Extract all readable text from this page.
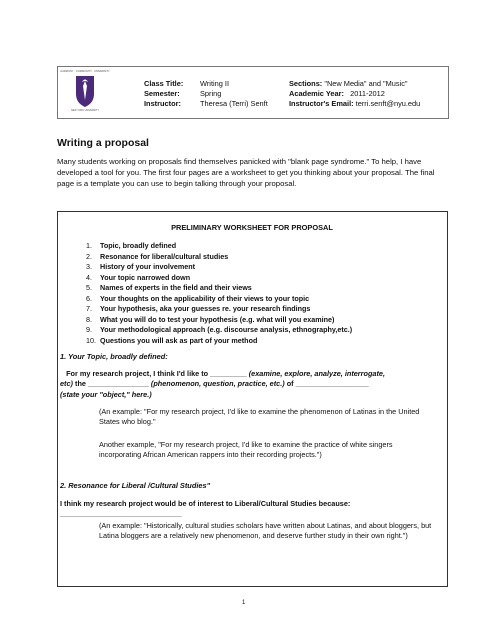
HARMONY · COMMUNITY · UNIVERSITY
NEW YORK UNIVERSITY
Class Title:
Semester:
Instructor:
Writing II
Spring
Theresa (Terri) Senft
Sections: "New Media" and "Music"
Academic Year: 2011-2012
Instructor's Email: terri.senft@nyu.edu
Writing a proposal
Many students working on proposals find themselves panicked with "blank page syndrome." To help, I have developed a tool for you. The first four pages are a worksheet to get you thinking about your proposal. The final page is a template you can use to begin talking through your proposal.
PRELIMINARY WORKSHEET FOR PROPOSAL
1. Topic, broadly defined
2. Resonance for liberal/cultural studies
3. History of your involvement
4. Your topic narrowed down
5. Names of experts in the field and their views
6. Your thoughts on the applicability of their views to your topic
7. Your hypothesis, aka your guesses re. your research findings
8. What you will do to test your hypothesis (e.g. what will you examine)
9. Your methodological approach (e.g. discourse analysis, ethnography,etc.)
10. Questions you will ask as part of your method
1. Your Topic, broadly defined:
For my research project, I think I'd like to _________ (examine, explore, analyze, interrogate,
etc) the _______________ (phenomenon, question, practice, etc.) of __________________
(state your "object," here.)
(An example: "For my research project, I'd like to examine the phenomenon of Latinas in the United States who blog."
Another example, "For my research project, I'd like to examine the practice of white singers incorporating African American rappers into their recording projects.")
2. Resonance for Liberal /Cultural Studies"
I think my research project would be of interest to Liberal/Cultural Studies because:
______________________________
(An example: "Historically, cultural studies scholars have written about Latinas, and about bloggers, but Latina bloggers are a relatively new phenomenon, and deserve further study in their own right.")
1
